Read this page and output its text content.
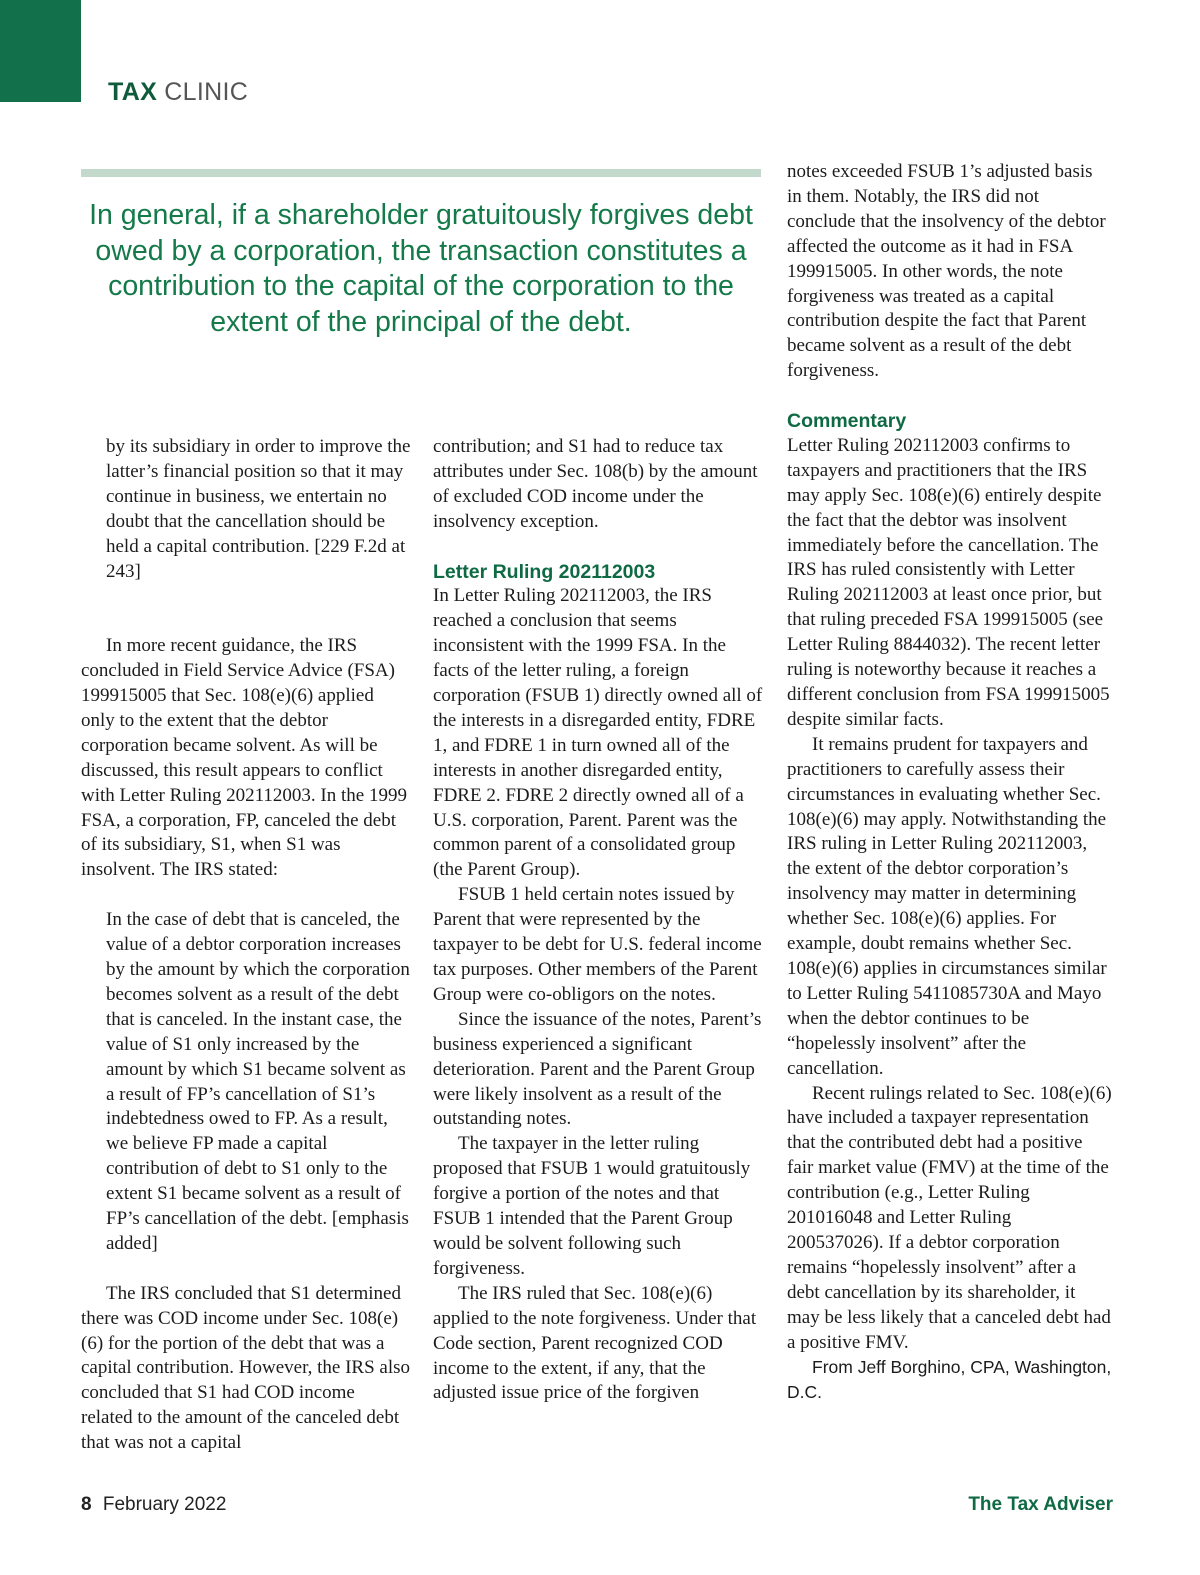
TAX CLINIC
In general, if a shareholder gratuitously forgives debt owed by a corporation, the transaction constitutes a contribution to the capital of the corporation to the extent of the principal of the debt.

by its subsidiary in order to improve the latter’s financial position so that it may continue in business, we entertain no doubt that the cancellation should be held a capital contribution. [229 F.2d at 243]

In more recent guidance, the IRS concluded in Field Service Advice (FSA) 199915005 that Sec. 108(e)(6) applied only to the extent that the debtor corporation became solvent. As will be discussed, this result appears to conflict with Letter Ruling 202112003. In the 1999 FSA, a corporation, FP, canceled the debt of its subsidiary, S1, when S1 was insolvent. The IRS stated:

In the case of debt that is canceled, the value of a debtor corporation increases by the amount by which the corporation becomes solvent as a result of the debt that is canceled. In the instant case, the value of S1 only increased by the amount by which S1 became solvent as a result of FP’s cancellation of S1’s indebtedness owed to FP. As a result, we believe FP made a capital contribution of debt to S1 only to the extent S1 became solvent as a result of FP’s cancellation of the debt. [emphasis added]

The IRS concluded that S1 determined there was COD income under Sec. 108(e)(6) for the portion of the debt that was a capital contribution. However, the IRS also concluded that S1 had COD income related to the amount of the canceled debt that was not a capital

contribution; and S1 had to reduce tax attributes under Sec. 108(b) by the amount of excluded COD income under the insolvency exception.

Letter Ruling 202112003

In Letter Ruling 202112003, the IRS reached a conclusion that seems inconsistent with the 1999 FSA. In the facts of the letter ruling, a foreign corporation (FSUB 1) directly owned all of the interests in a disregarded entity, FDRE 1, and FDRE 1 in turn owned all of the interests in another disregarded entity, FDRE 2. FDRE 2 directly owned all of a U.S. corporation, Parent. Parent was the common parent of a consolidated group (the Parent Group).

FSUB 1 held certain notes issued by Parent that were represented by the taxpayer to be debt for U.S. federal income tax purposes. Other members of the Parent Group were co-obligors on the notes.

Since the issuance of the notes, Parent’s business experienced a significant deterioration. Parent and the Parent Group were likely insolvent as a result of the outstanding notes.

The taxpayer in the letter ruling proposed that FSUB 1 would gratuitously forgive a portion of the notes and that FSUB 1 intended that the Parent Group would be solvent following such forgiveness.

The IRS ruled that Sec. 108(e)(6) applied to the note forgiveness. Under that Code section, Parent recognized COD income to the extent, if any, that the adjusted issue price of the forgiven

notes exceeded FSUB 1’s adjusted basis in them. Notably, the IRS did not conclude that the insolvency of the debtor affected the outcome as it had in FSA 199915005. In other words, the note forgiveness was treated as a capital contribution despite the fact that Parent became solvent as a result of the debt forgiveness.

Commentary

Letter Ruling 202112003 confirms to taxpayers and practitioners that the IRS may apply Sec. 108(e)(6) entirely despite the fact that the debtor was insolvent immediately before the cancellation. The IRS has ruled consistently with Letter Ruling 202112003 at least once prior, but that ruling preceded FSA 199915005 (see Letter Ruling 8844032). The recent letter ruling is noteworthy because it reaches a different conclusion from FSA 199915005 despite similar facts.

It remains prudent for taxpayers and practitioners to carefully assess their circumstances in evaluating whether Sec. 108(e)(6) may apply. Notwithstanding the IRS ruling in Letter Ruling 202112003, the extent of the debtor corporation’s insolvency may matter in determining whether Sec. 108(e)(6) applies. For example, doubt remains whether Sec. 108(e)(6) applies in circumstances similar to Letter Ruling 5411085730A and Mayo when the debtor continues to be “hopelessly insolvent” after the cancellation.

Recent rulings related to Sec. 108(e)(6) have included a taxpayer representation that the contributed debt had a positive fair market value (FMV) at the time of the contribution (e.g., Letter Ruling 201016048 and Letter Ruling 200537026). If a debtor corporation remains “hopelessly insolvent” after a debt cancellation by its shareholder, it may be less likely that a canceled debt had a positive FMV.

From Jeff Borghino, CPA, Washington, D.C.

8 February 2022	The Tax Adviser
